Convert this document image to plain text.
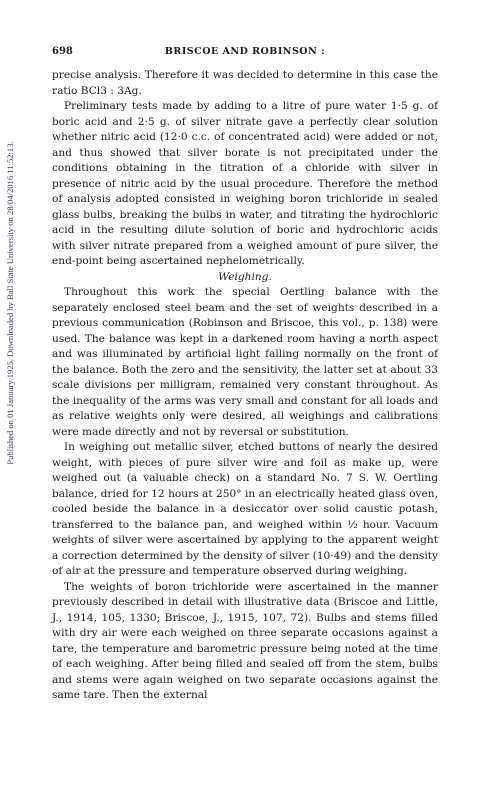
Published on 01 January 1925. Downloaded by Ball State University on 28/04/2016 11:52:13.
698	BRISCOE AND ROBINSON :

precise analysis. Therefore it was decided to determine in this case the ratio BCl3 : 3Ag.

Preliminary tests made by adding to a litre of pure water 1·5 g. of boric acid and 2·5 g. of silver nitrate gave a perfectly clear solution whether nitric acid (12·0 c.c. of concentrated acid) were added or not, and thus showed that silver borate is not precipitated under the conditions obtaining in the titration of a chloride with silver in presence of nitric acid by the usual procedure. Therefore the method of analysis adopted consisted in weighing boron trichloride in sealed glass bulbs, breaking the bulbs in water, and titrating the hydrochloric acid in the resulting dilute solution of boric and hydrochloric acids with silver nitrate prepared from a weighed amount of pure silver, the end-point being ascertained nephelometrically.

Weighing.

Throughout this work the special Oertling balance with the separately enclosed steel beam and the set of weights described in a previous communication (Robinson and Briscoe, this vol., p. 138) were used. The balance was kept in a darkened room having a north aspect and was illuminated by artificial light falling normally on the front of the balance. Both the zero and the sensitivity, the latter set at about 33 scale divisions per milligram, remained very constant throughout. As the inequality of the arms was very small and constant for all loads and as relative weights only were desired, all weighings and calibrations were made directly and not by reversal or substitution.

In weighing out metallic silver, etched buttons of nearly the desired weight, with pieces of pure silver wire and foil as make up, were weighed out (a valuable check) on a standard No. 7 S. W. Oertling balance, dried for 12 hours at 250° in an electrically heated glass oven, cooled beside the balance in a desiccator over solid caustic potash, transferred to the balance pan, and weighed within ½ hour. Vacuum weights of silver were ascertained by applying to the apparent weight a correction determined by the density of silver (10·49) and the density of air at the pressure and temperature observed during weighing.

The weights of boron trichloride were ascertained in the manner previously described in detail with illustrative data (Briscoe and Little, J., 1914, 105, 1330; Briscoe, J., 1915, 107, 72). Bulbs and stems filled with dry air were each weighed on three separate occasions against a tare, the temperature and barometric pressure being noted at the time of each weighing. After being filled and sealed off from the stem, bulbs and stems were again weighed on two separate occasions against the same tare. Then the external
